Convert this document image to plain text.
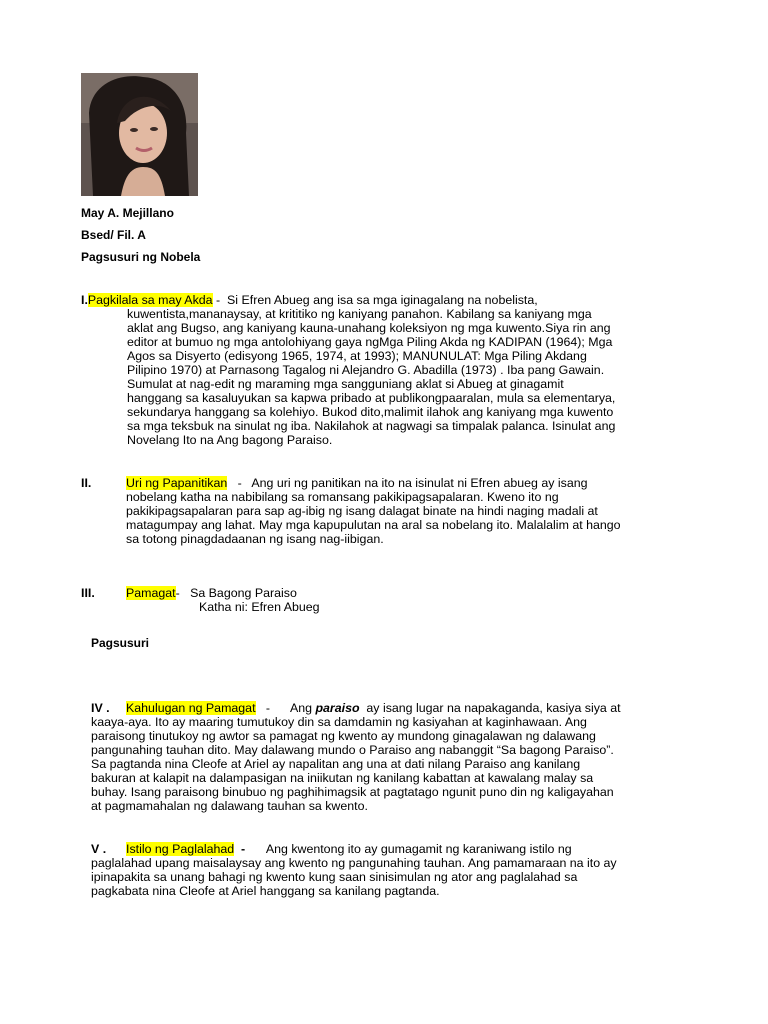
May A. Mejillano
Bsed/ Fil. A
Pagsusuri ng Nobela
I.Pagkilala sa may Akda -  Si Efren Abueg ang isa sa mga iginagalang na nobelista,
kuwentista,mananaysay, at krititiko ng kaniyang panahon. Kabilang sa kaniyang mga
aklat ang Bugso, ang kaniyang kauna-unahang koleksiyon ng mga kuwento.Siya rin ang
editor at bumuo ng mga antolohiyang gaya ngMga Piling Akda ng KADIPAN (1964); Mga
Agos sa Disyerto (edisyong 1965, 1974, at 1993); MANUNULAT: Mga Piling Akdang
Pilipino 1970) at Parnasong Tagalog ni Alejandro G. Abadilla (1973) . Iba pang Gawain.
Sumulat at nag-edit ng maraming mga sangguniang aklat si Abueg at ginagamit
hanggang sa kasaluyukan sa kapwa pribado at publikongpaaralan, mula sa elementarya,
sekundarya hanggang sa kolehiyo. Bukod dito,malimit ilahok ang kaniyang mga kuwento
sa mga teksbuk na sinulat ng iba. Nakilahok at nagwagi sa timpalak palanca. Isinulat ang
Novelang Ito na Ang bagong Paraiso.
II.	Uri ng Papanitikan   -   Ang uri ng panitikan na ito na isinulat ni Efren abueg ay isang
nobelang katha na nabibilang sa romansang pakikipagsapalaran. Kweno ito ng
pakikipagsapalaran para sap ag-ibig ng isang dalagat binate na hindi naging madali at
matagumpay ang lahat. May mga kapupulutan na aral sa nobelang ito. Malalalim at hango
sa totong pinagdadaanan ng isang nag-iibigan.
III.	Pamagat-   Sa Bagong Paraiso
Katha ni: Efren Abueg
Pagsusuri
IV . Kahulugan ng Pamagat   -      Ang paraiso  ay isang lugar na napakaganda, kasiya siya at
kaaya-aya. Ito ay maaring tumutukoy din sa damdamin ng kasiyahan at kaginhawaan. Ang
paraisong tinutukoy ng awtor sa pamagat ng kwento ay mundong ginagalawan ng dalawang
pangunahing tauhan dito. May dalawang mundo o Paraiso ang nabanggit “Sa bagong Paraiso”.
Sa pagtanda nina Cleofe at Ariel ay napalitan ang una at dati nilang Paraiso ang kanilang
bakuran at kalapit na dalampasigan na iniikutan ng kanilang kabattan at kawalang malay sa
buhay. Isang paraisong binubuo ng paghihimagsik at pagtatago ngunit puno din ng kaligayahan
at pagmamahalan ng dalawang tauhan sa kwento.
V . Istilo ng Paglalahad  -      Ang kwentong ito ay gumagamit ng karaniwang istilo ng
paglalahad upang maisalaysay ang kwento ng pangunahing tauhan. Ang pamamaraan na ito ay
ipinapakita sa unang bahagi ng kwento kung saan sinisimulan ng ator ang paglalahad sa
pagkabata nina Cleofe at Ariel hanggang sa kanilang pagtanda.
